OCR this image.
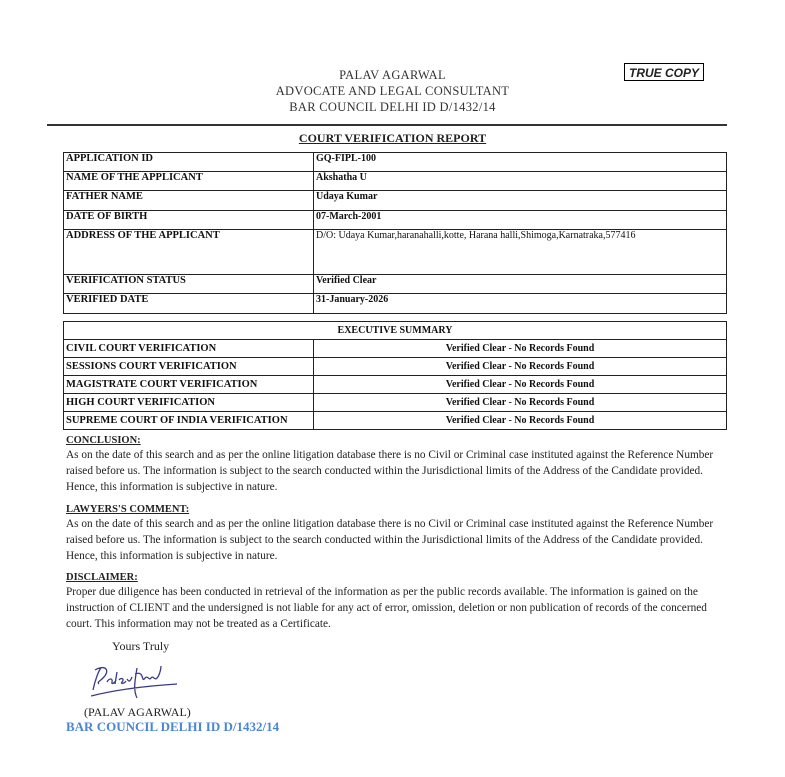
PALAV AGARWAL
ADVOCATE AND LEGAL CONSULTANT
BAR COUNCIL DELHI ID D/1432/14
TRUE COPY
COURT VERIFICATION REPORT
APPLICATION ID	GQ-FIPL-100
NAME OF THE APPLICANT	Akshatha U
FATHER NAME	Udaya Kumar
DATE OF BIRTH	07-March-2001
ADDRESS OF THE APPLICANT	D/O: Udaya Kumar,haranahalli,kotte, Harana halli,Shimoga,Karnatraka,577416
VERIFICATION STATUS	Verified Clear
VERIFIED DATE	31-January-2026
EXECUTIVE SUMMARY	
CIVIL COURT VERIFICATION	Verified Clear - No Records Found
SESSIONS COURT VERIFICATION	Verified Clear - No Records Found
MAGISTRATE COURT VERIFICATION	Verified Clear - No Records Found
HIGH COURT VERIFICATION	Verified Clear - No Records Found
SUPREME COURT OF INDIA VERIFICATION	Verified Clear - No Records Found
CONCLUSION:
As on the date of this search and as per the online litigation database there is no Civil or Criminal case instituted against the Reference Number raised before us. The information is subject to the search conducted within the Jurisdictional limits of the Address of the Candidate provided. Hence, this information is subjective in nature.
LAWYERS'S COMMENT:
As on the date of this search and as per the online litigation database there is no Civil or Criminal case instituted against the Reference Number raised before us. The information is subject to the search conducted within the Jurisdictional limits of the Address of the Candidate provided. Hence, this information is subjective in nature.
DISCLAIMER:
Proper due diligence has been conducted in retrieval of the information as per the public records available. The information is gained on the instruction of CLIENT and the undersigned is not liable for any act of error, omission, deletion or non publication of records of the concerned court. This information may not be treated as a Certificate.
Yours Truly
(PALAV AGARWAL)
BAR COUNCIL DELHI ID D/1432/14
